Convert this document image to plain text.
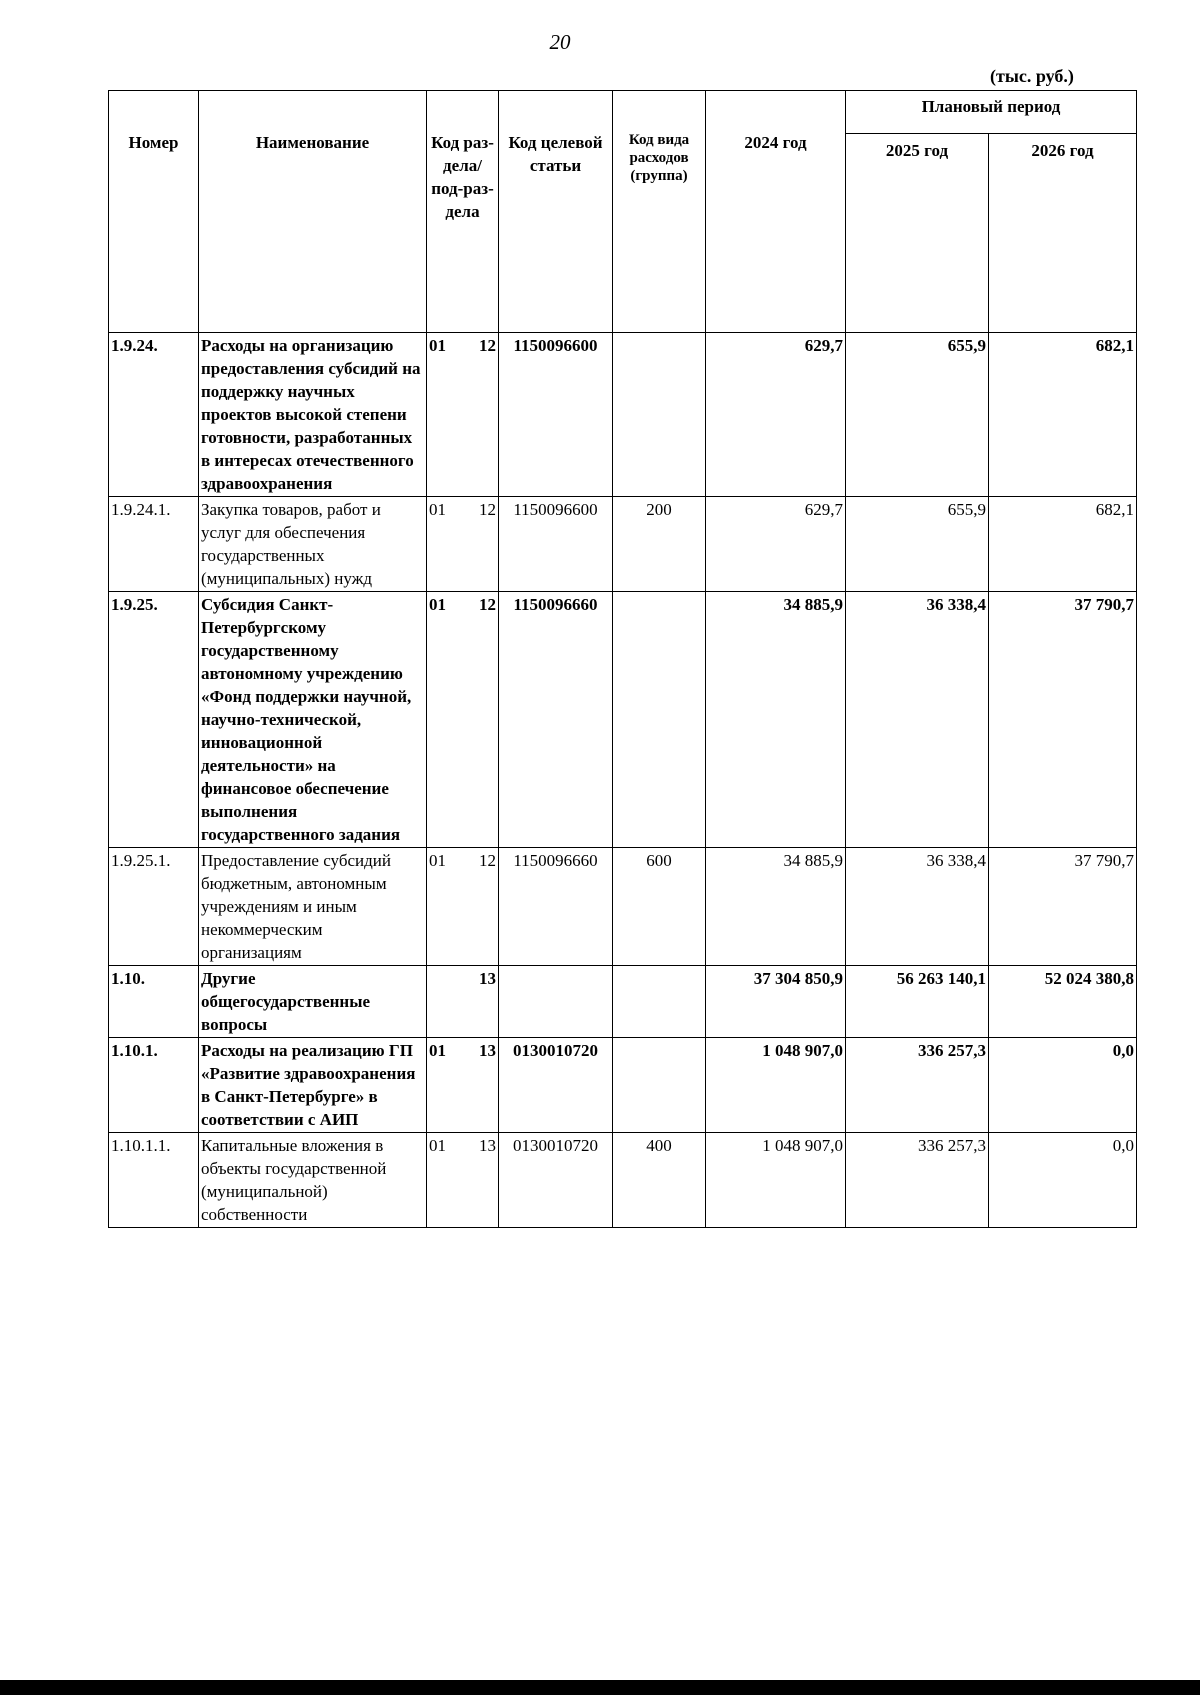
20
(тыс. руб.)
Номер	Наименование	Код раз-дела/ под-раз-дела	Код целевой статьи	Код вида расходов (группа)	2024 год	Плановый период	
						2025 год	2026 год
1.9.24.	Расходы на организацию предоставления субсидий на поддержку научных проектов высокой степени готовности, разработанных в интересах отечественного здравоохранения	01 12	1150096600		629,7	655,9	682,1
1.9.24.1.	Закупка товаров, работ и услуг для обеспечения государственных (муниципальных) нужд	01 12	1150096600	200	629,7	655,9	682,1
1.9.25.	Субсидия Санкт-Петербургскому государственному автономному учреждению «Фонд поддержки научной, научно-технической, инновационной деятельности» на финансовое обеспечение выполнения государственного задания	01 12	1150096660		34 885,9	36 338,4	37 790,7
1.9.25.1.	Предоставление субсидий бюджетным, автономным учреждениям и иным некоммерческим организациям	01 12	1150096660	600	34 885,9	36 338,4	37 790,7
1.10.	Другие общегосударственные вопросы	13			37 304 850,9	56 263 140,1	52 024 380,8
1.10.1.	Расходы на реализацию ГП «Развитие здравоохранения в Санкт-Петербурге» в соответствии с АИП	01 13	0130010720		1 048 907,0	336 257,3	0,0
1.10.1.1.	Капитальные вложения в объекты государственной (муниципальной) собственности	01 13	0130010720	400	1 048 907,0	336 257,3	0,0
